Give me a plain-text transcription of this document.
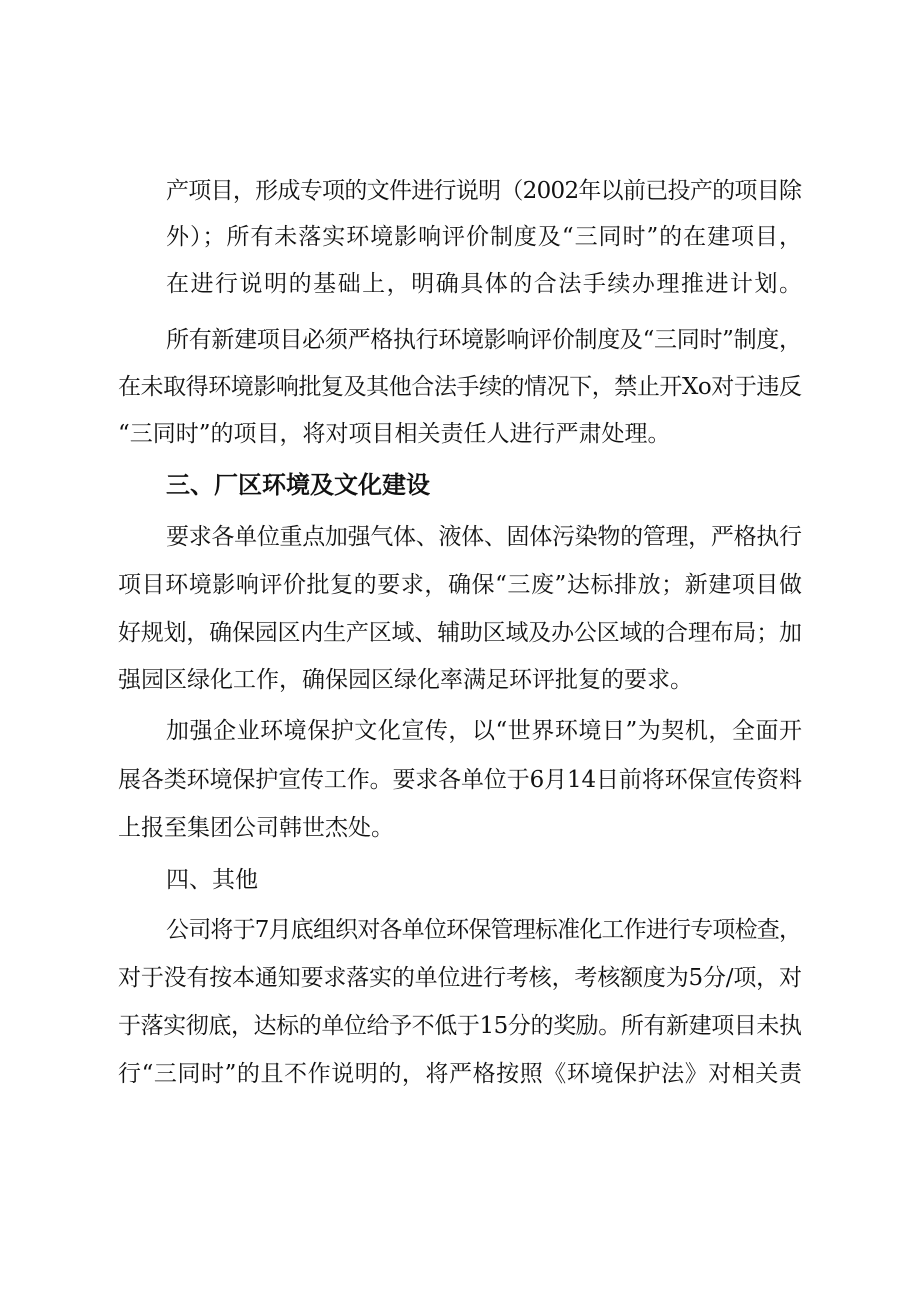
产项目，形成专项的文件进行说明（2002年以前已投产的项目除
外）；所有未落实环境影响评价制度及“三同时”的在建项目，
在进行说明的基础上，明确具体的合法手续办理推进计划。
所有新建项目必须严格执行环境影响评价制度及“三同时”制度，
在未取得环境影响批复及其他合法手续的情况下，禁止开Xo对于违反
“三同时”的项目，将对项目相关责任人进行严肃处理。
三、厂区环境及文化建设
要求各单位重点加强气体、液体、固体污染物的管理，严格执行
项目环境影响评价批复的要求，确保“三废”达标排放；新建项目做
好规划，确保园区内生产区域、辅助区域及办公区域的合理布局；加
强园区绿化工作，确保园区绿化率满足环评批复的要求。
加强企业环境保护文化宣传，以“世界环境日”为契机，全面开
展各类环境保护宣传工作。要求各单位于6月14日前将环保宣传资料
上报至集团公司韩世杰处。
四、其他
公司将于7月底组织对各单位环保管理标准化工作进行专项检查，
对于没有按本通知要求落实的单位进行考核，考核额度为5分/项，对
于落实彻底，达标的单位给予不低于15分的奖励。所有新建项目未执
行“三同时”的且不作说明的，将严格按照《环境保护法》对相关责
